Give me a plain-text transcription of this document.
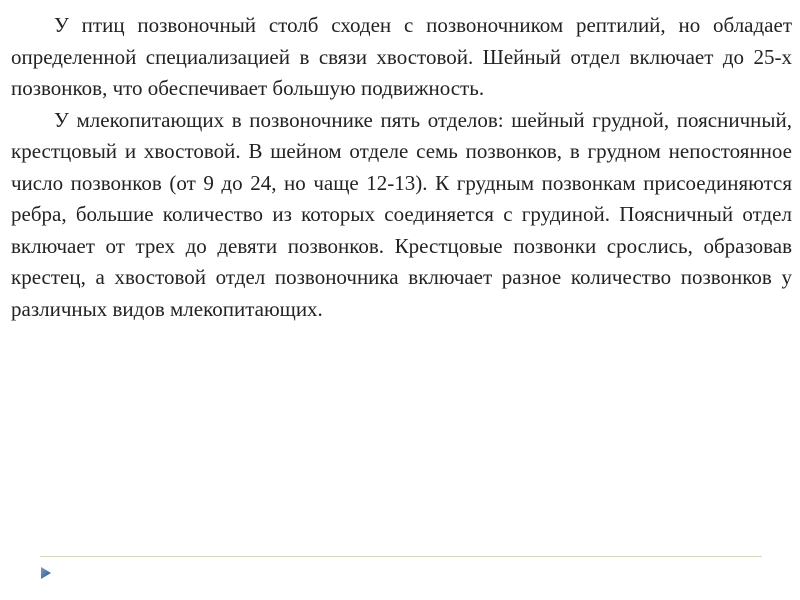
У птиц позвоночный столб сходен с позвоночником рептилий, но обладает определенной специализацией в связи хвостовой. Шейный отдел включает до 25-х позвонков, что обеспечивает большую подвижность.

У млекопитающих в позвоночнике пять отделов: шейный грудной, поясничный, крестцовый и хвостовой. В шейном отделе семь позвонков, в грудном непостоянное число позвонков (от 9 до 24, но чаще 12-13). К грудным позвонкам присоединяются ребра, большие количество из которых соединяется с грудиной. Поясничный отдел включает от трех до девяти позвонков. Крестцовые позвонки срослись, образовав крестец, а хвостовой отдел позвоночника включает разное количество позвонков у различных видов млекопитающих.
